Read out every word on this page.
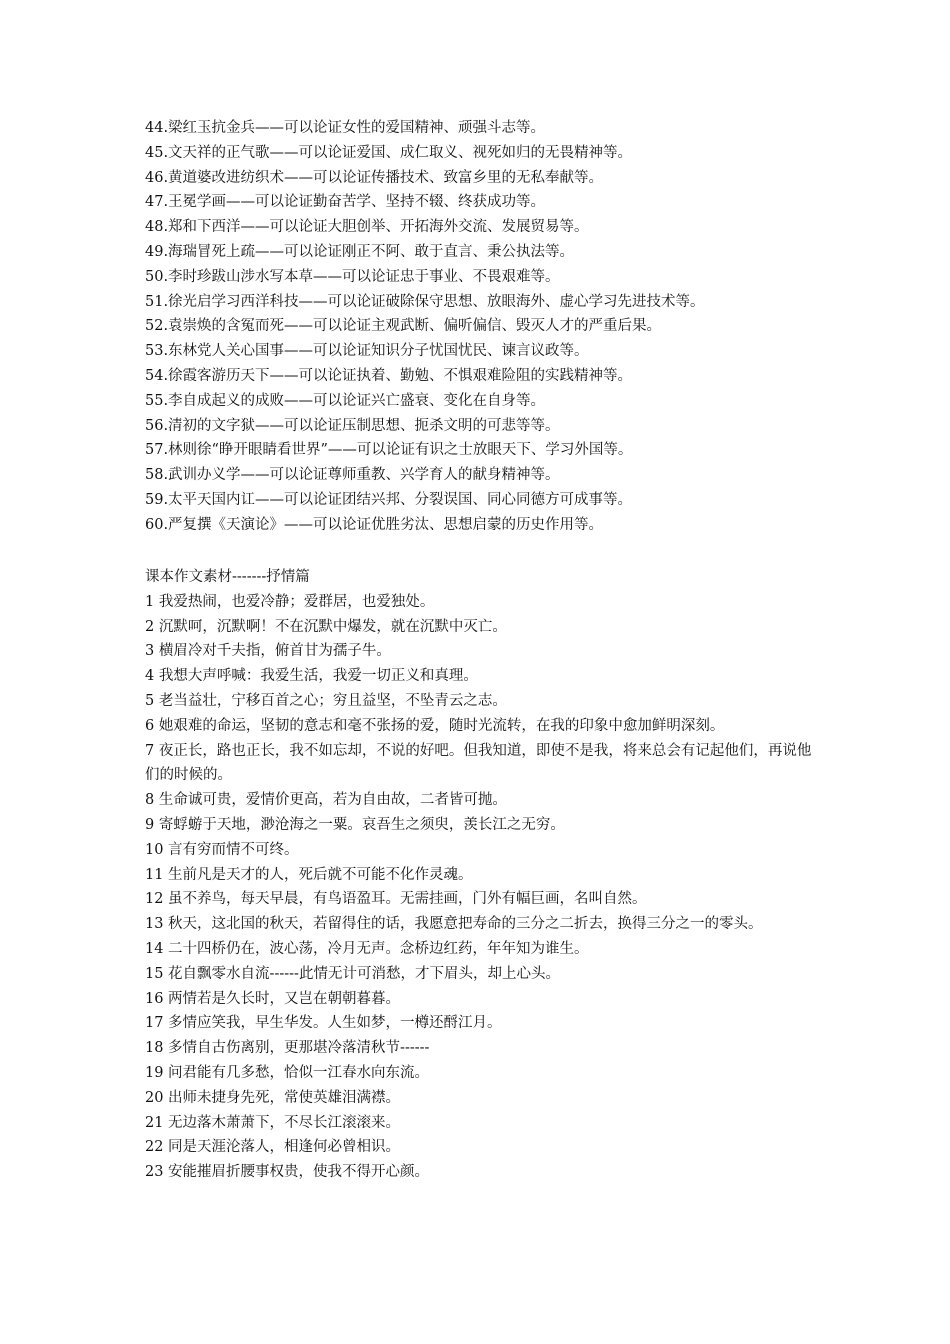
44.梁红玉抗金兵——可以论证女性的爱国精神、顽强斗志等。
45.文天祥的正气歌——可以论证爱国、成仁取义、视死如归的无畏精神等。
46.黄道婆改进纺织术——可以论证传播技术、致富乡里的无私奉献等。
47.王冕学画——可以论证勤奋苦学、坚持不辍、终获成功等。
48.郑和下西洋——可以论证大胆创举、开拓海外交流、发展贸易等。
49.海瑞冒死上疏——可以论证刚正不阿、敢于直言、秉公执法等。
50.李时珍跋山涉水写本草——可以论证忠于事业、不畏艰难等。
51.徐光启学习西洋科技——可以论证破除保守思想、放眼海外、虚心学习先进技术等。
52.袁崇焕的含冤而死——可以论证主观武断、偏听偏信、毁灭人才的严重后果。
53.东林党人关心国事——可以论证知识分子忧国忧民、谏言议政等。
54.徐霞客游历天下——可以论证执着、勤勉、不惧艰难险阻的实践精神等。
55.李自成起义的成败——可以论证兴亡盛衰、变化在自身等。
56.清初的文字狱——可以论证压制思想、扼杀文明的可悲等等。
57.林则徐“睁开眼睛看世界”——可以论证有识之士放眼天下、学习外国等。
58.武训办义学——可以论证尊师重教、兴学育人的献身精神等。
59.太平天国内讧——可以论证团结兴邦、分裂误国、同心同德方可成事等。
60.严复撰《天演论》——可以论证优胜劣汰、思想启蒙的历史作用等。
课本作文素材-------抒情篇
1 我爱热闹，也爱冷静；爱群居，也爱独处。
2 沉默呵，沉默啊！不在沉默中爆发，就在沉默中灭亡。
3 横眉冷对千夫指，俯首甘为孺子牛。
4 我想大声呼喊：我爱生活，我爱一切正义和真理。
5 老当益壮，宁移百首之心；穷且益坚，不坠青云之志。
6 她艰难的命运，坚韧的意志和毫不张扬的爱，随时光流转，在我的印象中愈加鲜明深刻。
7 夜正长，路也正长，我不如忘却，不说的好吧。但我知道，即使不是我，将来总会有记起他们，再说他们的时候的。
8 生命诚可贵，爱情价更高，若为自由故，二者皆可抛。
9 寄蜉蝣于天地，渺沧海之一粟。哀吾生之须臾，羡长江之无穷。
10 言有穷而情不可终。
11 生前凡是天才的人，死后就不可能不化作灵魂。
12 虽不养鸟，每天早晨，有鸟语盈耳。无需挂画，门外有幅巨画，名叫自然。
13 秋天，这北国的秋天，若留得住的话，我愿意把寿命的三分之二折去，换得三分之一的零头。
14 二十四桥仍在，波心荡，冷月无声。念桥边红药，年年知为谁生。
15 花自飘零水自流------此情无计可消愁，才下眉头，却上心头。
16 两情若是久长时，又岂在朝朝暮暮。
17 多情应笑我，早生华发。人生如梦，一樽还酹江月。
18 多情自古伤离别，更那堪冷落清秋节------
19 问君能有几多愁，恰似一江春水向东流。
20 出师未捷身先死，常使英雄泪满襟。
21 无边落木萧萧下，不尽长江滚滚来。
22 同是天涯沦落人，相逢何必曾相识。
23 安能摧眉折腰事权贵，使我不得开心颜。
